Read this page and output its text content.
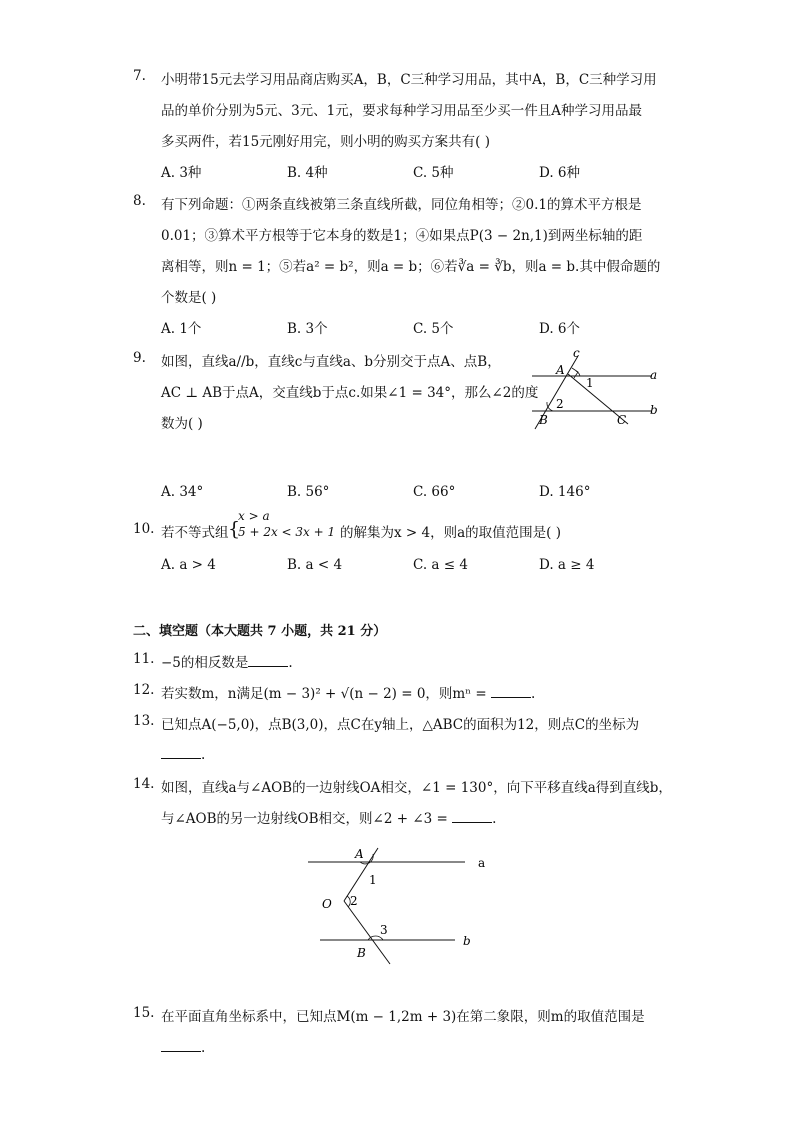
7. 小明带15元去学习用品商店购买A，B，C三种学习用品，其中A，B，C三种学习用
品的单价分别为5元、3元、1元，要求每种学习用品至少买一件且A种学习用品最
多买两件，若15元刚好用完，则小明的购买方案共有( )
A. 3种	B. 4种	C. 5种	D. 6种
8. 有下列命题：①两条直线被第三条直线所截，同位角相等；②0.1的算术平方根是
0.01；③算术平方根等于它本身的数是1；④如果点P(3 − 2n,1)到两坐标轴的距
离相等，则n = 1；⑤若a² = b²，则a = b；⑥若∛a = ∛b，则a = b.其中假命题的
个数是( )
A. 1个	B. 3个	C. 5个	D. 6个
9. 如图，直线a//b，直线c与直线a、b分别交于点A、点B，
AC ⊥ AB于点A，交直线b于点c.如果∠1 = 34°，那么∠2的度
数为( )
c
A
1
a
2
B	C
b
A. 34°	B. 56°	C. 66°	D. 146°
10. 若不等式组 {
x > a
5 + 2x < 3x + 1 的解集为x > 4，则a的取值范围是( )
A. a > 4	B. a < 4	C. a ≤ 4	D. a ≥ 4
二、填空题（本大题共 7 小题，共 21 分）
11. −5的相反数是	.
12. 若实数m，n满足(m − 3)² + √(n − 2) = 0，则mⁿ =	.
13. 已知点A(−5,0)，点B(3,0)，点C在y轴上，△ABC的面积为12，则点C的坐标为
.
14. 如图，直线a与∠AOB的一边射线OA相交，∠1 = 130°，向下平移直线a得到直线b，
与∠AOB的另一边射线OB相交，则∠2 + ∠3 =	.
A
1
a
O 2
3
B
b
15. 在平面直角坐标系中，已知点M(m − 1,2m + 3)在第二象限，则m的取值范围是
.
